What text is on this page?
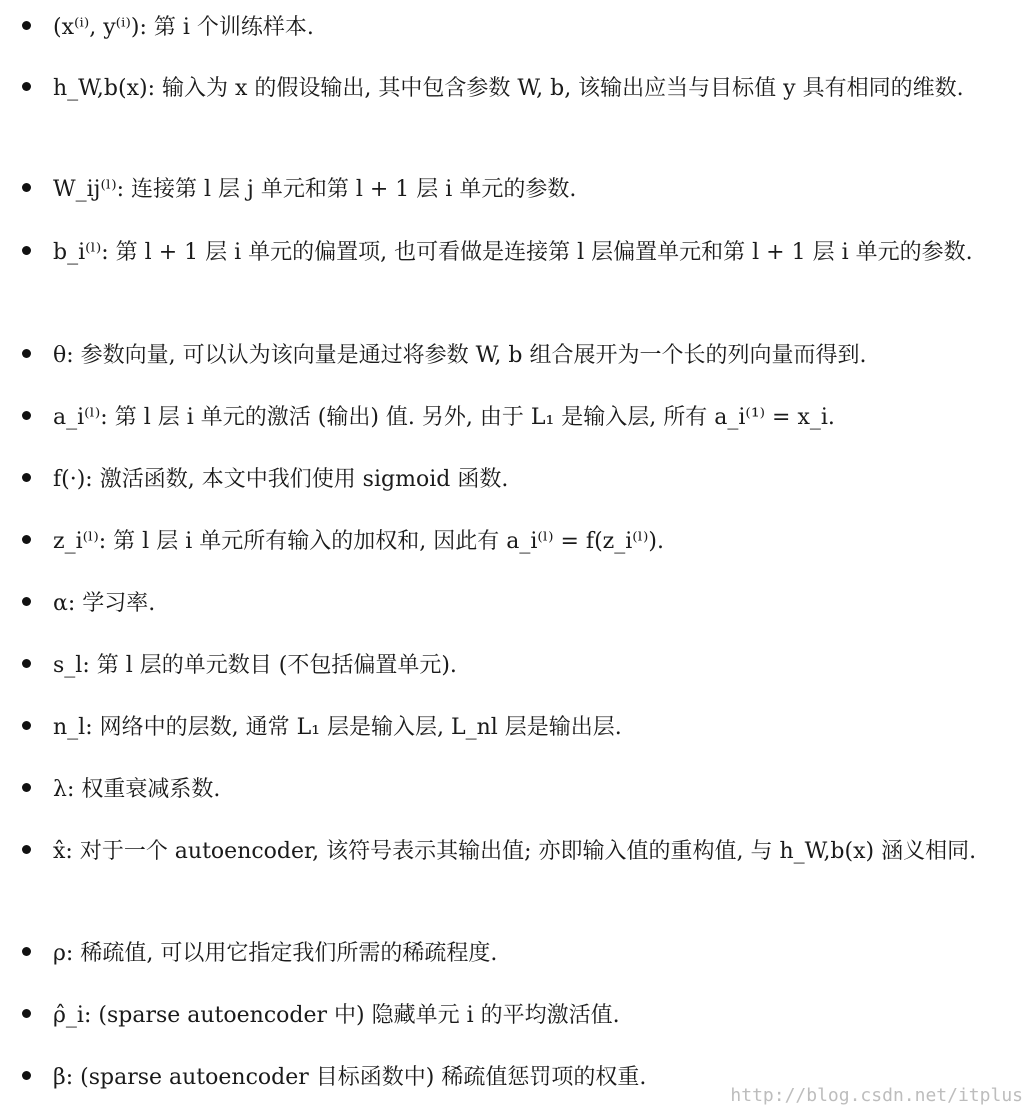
(x⁽ⁱ⁾, y⁽ⁱ⁾): 第 i 个训练样本.
h_W,b(x): 输入为 x 的假设输出, 其中包含参数 W, b, 该输出应当与目标值 y 具有相同的维数.
W_ij⁽ˡ⁾: 连接第 l 层 j 单元和第 l + 1 层 i 单元的参数.
b_i⁽ˡ⁾: 第 l + 1 层 i 单元的偏置项, 也可看做是连接第 l 层偏置单元和第 l + 1 层 i 单元的参数.
θ: 参数向量, 可以认为该向量是通过将参数 W, b 组合展开为一个长的列向量而得到.
a_i⁽ˡ⁾: 第 l 层 i 单元的激活 (输出) 值. 另外, 由于 L₁ 是输入层, 所有 a_i⁽¹⁾ = x_i.
f(·): 激活函数, 本文中我们使用 sigmoid 函数.
z_i⁽ˡ⁾: 第 l 层 i 单元所有输入的加权和, 因此有 a_i⁽ˡ⁾ = f(z_i⁽ˡ⁾).
α: 学习率.
s_l: 第 l 层的单元数目 (不包括偏置单元).
n_l: 网络中的层数, 通常 L₁ 层是输入层, L_nl 层是输出层.
λ: 权重衰减系数.
x̂: 对于一个 autoencoder, 该符号表示其输出值; 亦即输入值的重构值, 与 h_W,b(x) 涵义相同.
ρ: 稀疏值, 可以用它指定我们所需的稀疏程度.
ρ̂_i: (sparse autoencoder 中) 隐藏单元 i 的平均激活值.
β: (sparse autoencoder 目标函数中) 稀疏值惩罚项的权重.
http://blog.csdn.net/itplus
